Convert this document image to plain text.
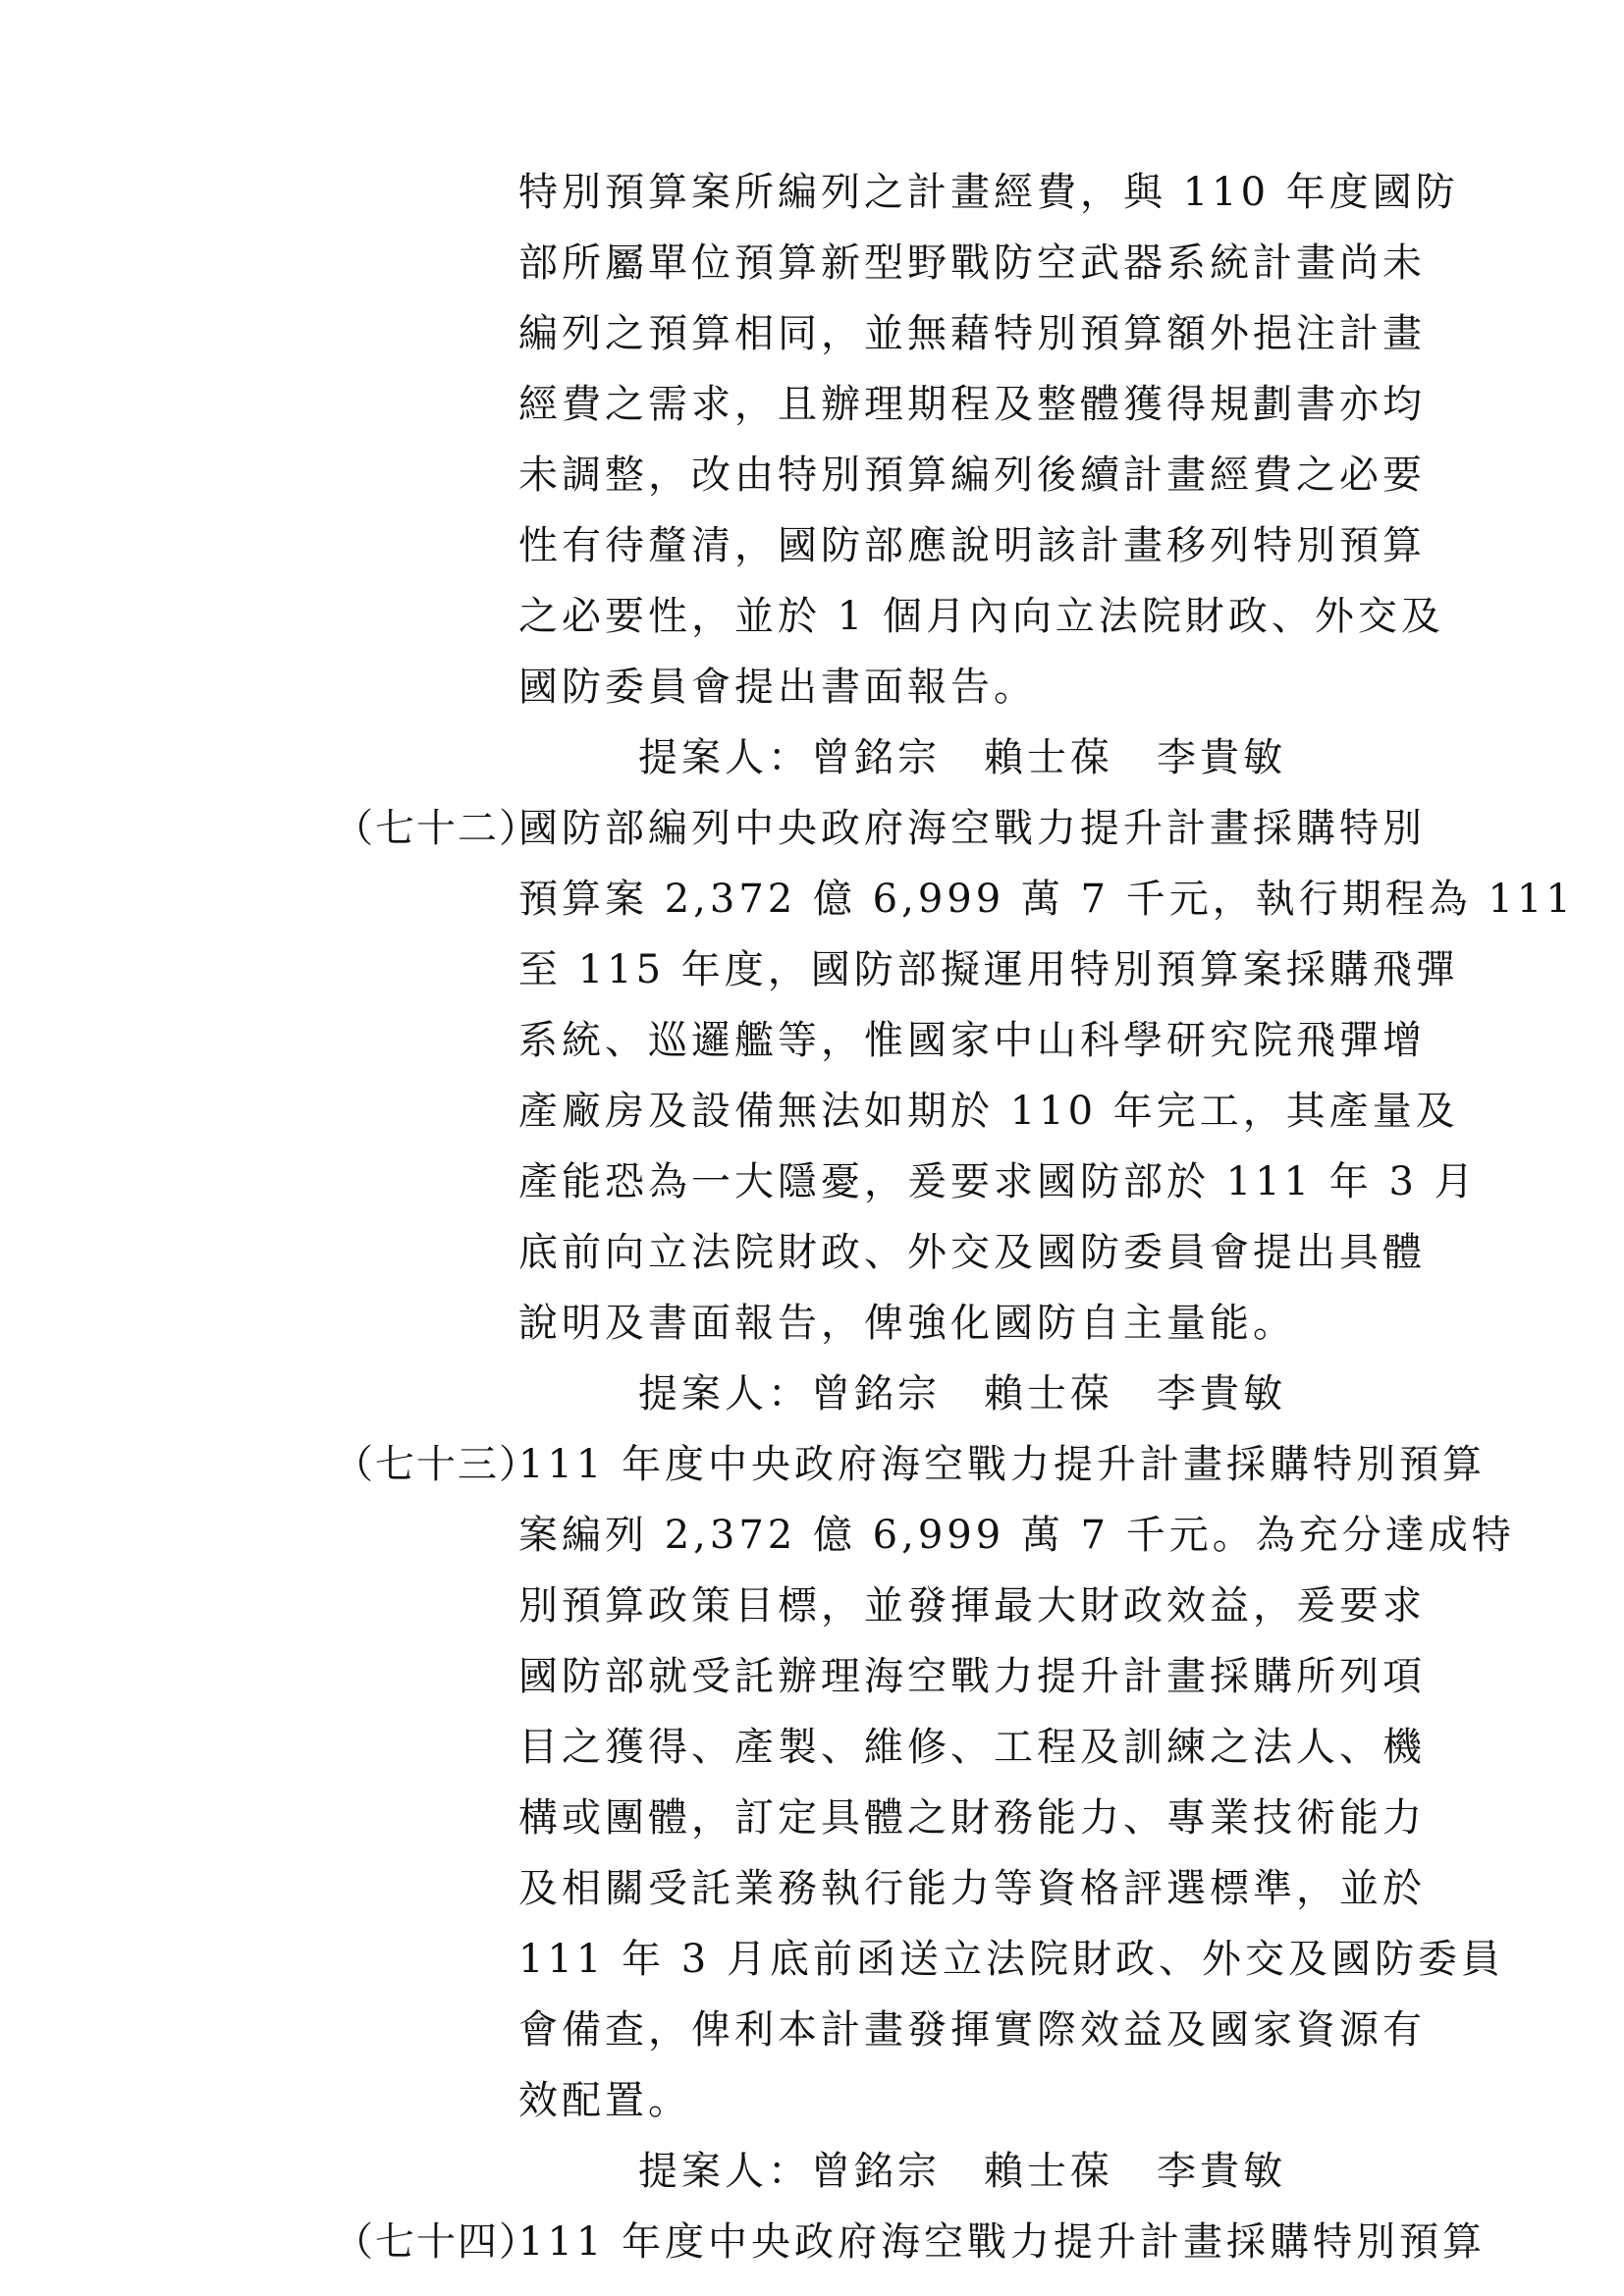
特別預算案所編列之計畫經費，與 110 年度國防
部所屬單位預算新型野戰防空武器系統計畫尚未
編列之預算相同，並無藉特別預算額外挹注計畫
經費之需求，且辦理期程及整體獲得規劃書亦均
未調整，改由特別預算編列後續計畫經費之必要
性有待釐清，國防部應說明該計畫移列特別預算
之必要性，並於 1 個月內向立法院財政、外交及
國防委員會提出書面報告。
提案人：曾銘宗　賴士葆　李貴敏
（七十二）
國防部編列中央政府海空戰力提升計畫採購特別
預算案 2,372 億 6,999 萬 7 千元，執行期程為 111
至 115 年度，國防部擬運用特別預算案採購飛彈
系統、巡邏艦等，惟國家中山科學研究院飛彈增
產廠房及設備無法如期於 110 年完工，其產量及
產能恐為一大隱憂，爰要求國防部於 111 年 3 月
底前向立法院財政、外交及國防委員會提出具體
說明及書面報告，俾強化國防自主量能。
提案人：曾銘宗　賴士葆　李貴敏
（七十三）
111 年度中央政府海空戰力提升計畫採購特別預算
案編列 2,372 億 6,999 萬 7 千元。為充分達成特
別預算政策目標，並發揮最大財政效益，爰要求
國防部就受託辦理海空戰力提升計畫採購所列項
目之獲得、產製、維修、工程及訓練之法人、機
構或團體，訂定具體之財務能力、專業技術能力
及相關受託業務執行能力等資格評選標準，並於
111 年 3 月底前函送立法院財政、外交及國防委員
會備查，俾利本計畫發揮實際效益及國家資源有
效配置。
提案人：曾銘宗　賴士葆　李貴敏
（七十四）
111 年度中央政府海空戰力提升計畫採購特別預算
